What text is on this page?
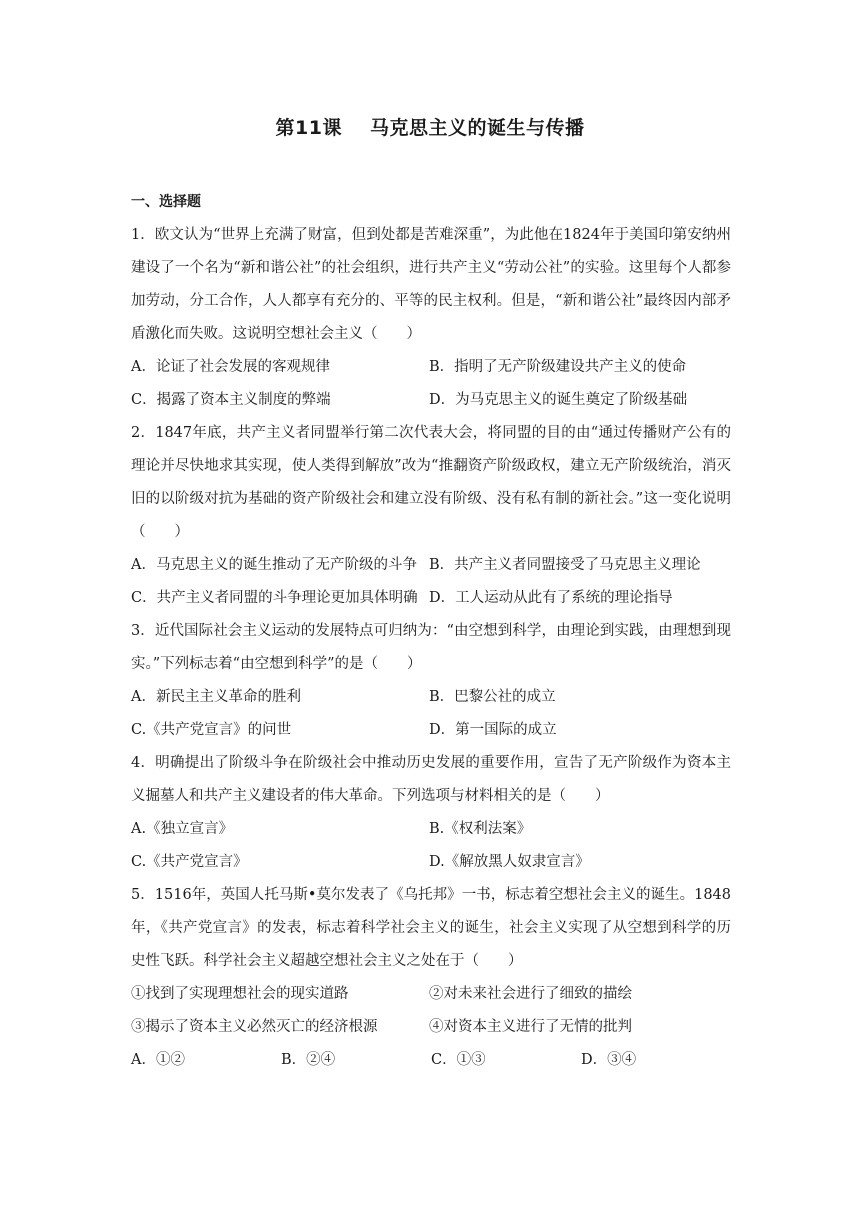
第11课 马克思主义的诞生与传播

一、选择题

1．欧文认为“世界上充满了财富，但到处都是苦难深重”，为此他在1824年于美国印第安纳州建设了一个名为“新和谐公社”的社会组织，进行共产主义“劳动公社”的实验。这里每个人都参加劳动，分工合作，人人都享有充分的、平等的民主权利。但是，“新和谐公社”最终因内部矛盾激化而失败。这说明空想社会主义（　　）

A．论证了社会发展的客观规律	B．指明了无产阶级建设共产主义的使命
C．揭露了资本主义制度的弊端	D．为马克思主义的诞生奠定了阶级基础

2．1847年底，共产主义者同盟举行第二次代表大会，将同盟的目的由“通过传播财产公有的理论并尽快地求其实现，使人类得到解放”改为“推翻资产阶级政权，建立无产阶级统治，消灭旧的以阶级对抗为基础的资产阶级社会和建立没有阶级、没有私有制的新社会。”这一变化说明（　　）

A．马克思主义的诞生推动了无产阶级的斗争 B．共产主义者同盟接受了马克思主义理论
C．共产主义者同盟的斗争理论更加具体明确 D．工人运动从此有了系统的理论指导

3．近代国际社会主义运动的发展特点可归纳为：“由空想到科学，由理论到实践，由理想到现 实。”下列标志着“由空想到科学”的是（　　）

A．新民主主义革命的胜利	B．巴黎公社的成立
C.《共产党宣言》的问世	D．第一国际的成立

4．明确提出了阶级斗争在阶级社会中推动历史发展的重要作用，宣告了无产阶级作为资本主义掘墓人和共产主义建设者的伟大革命。下列选项与材料相关的是（　　）

A.《独立宣言》	B.《权利法案》
C.《共产党宣言》	D.《解放黑人奴隶宣言》

5．1516年，英国人托马斯•莫尔发表了《乌托邦》一书，标志着空想社会主义的诞生。1848年，《共产党宣言》的发表，标志着科学社会主义的诞生，社会主义实现了从空想到科学的历史性飞跃。科学社会主义超越空想社会主义之处在于（　　）

①找到了实现理想社会的现实道路	②对未来社会进行了细致的描绘
③揭示了资本主义必然灭亡的经济根源	④对资本主义进行了无情的批判
A．①②	B．②④	C．①③	D．③④
